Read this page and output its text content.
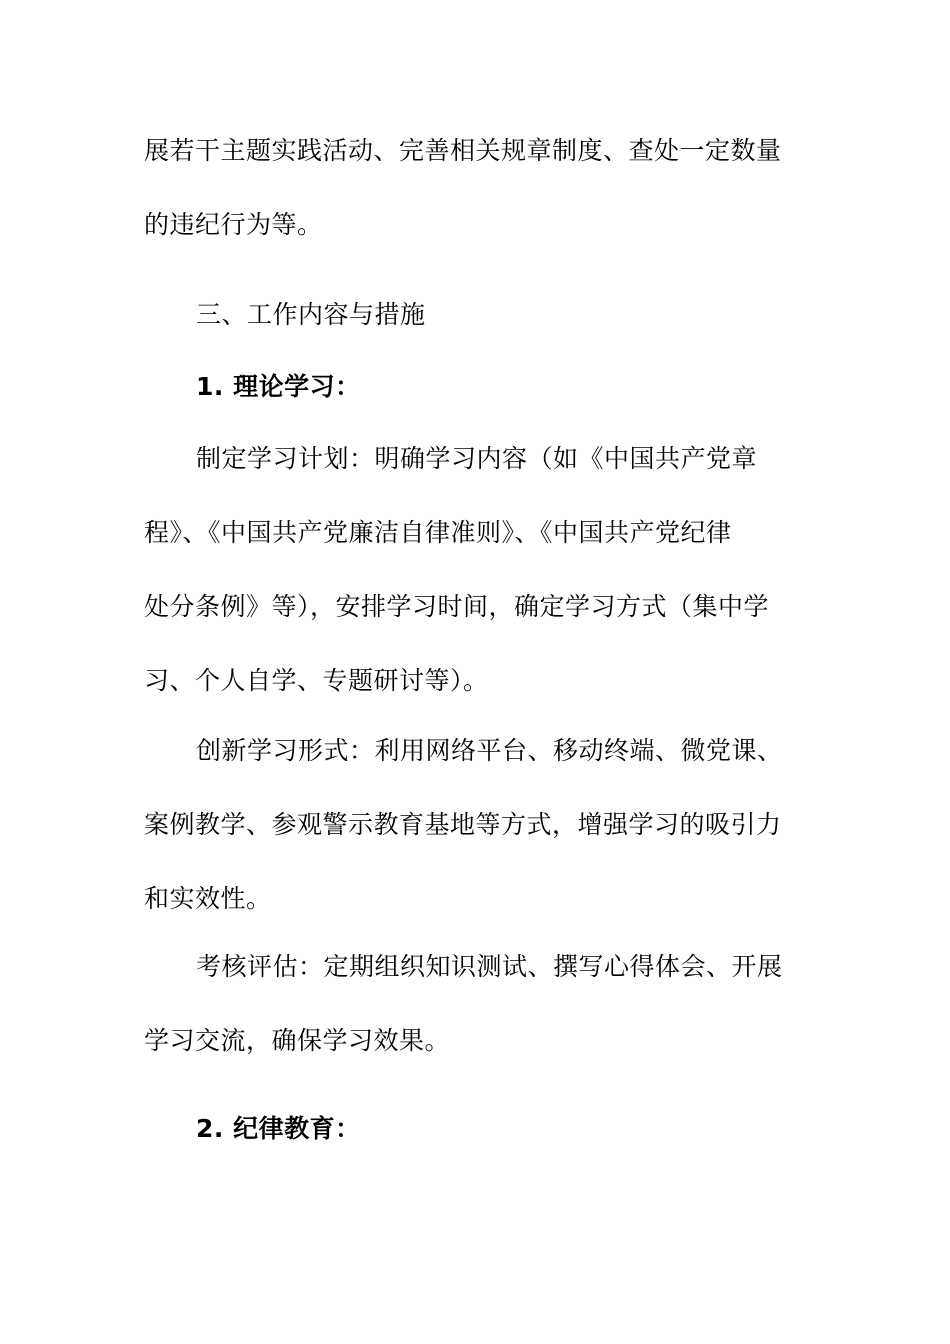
展若干主题实践活动、完善相关规章制度、查处一定数量
的违纪行为等。
三、工作内容与措施
1. 理论学习：
制定学习计划：明确学习内容（如《中国共产党章
程》、《中国共产党廉洁自律准则》、《中国共产党纪律
处分条例》等），安排学习时间，确定学习方式（集中学
习、个人自学、专题研讨等）。
创新学习形式：利用网络平台、移动终端、微党课、
案例教学、参观警示教育基地等方式，增强学习的吸引力
和实效性。
考核评估：定期组织知识测试、撰写心得体会、开展
学习交流，确保学习效果。
2. 纪律教育：
